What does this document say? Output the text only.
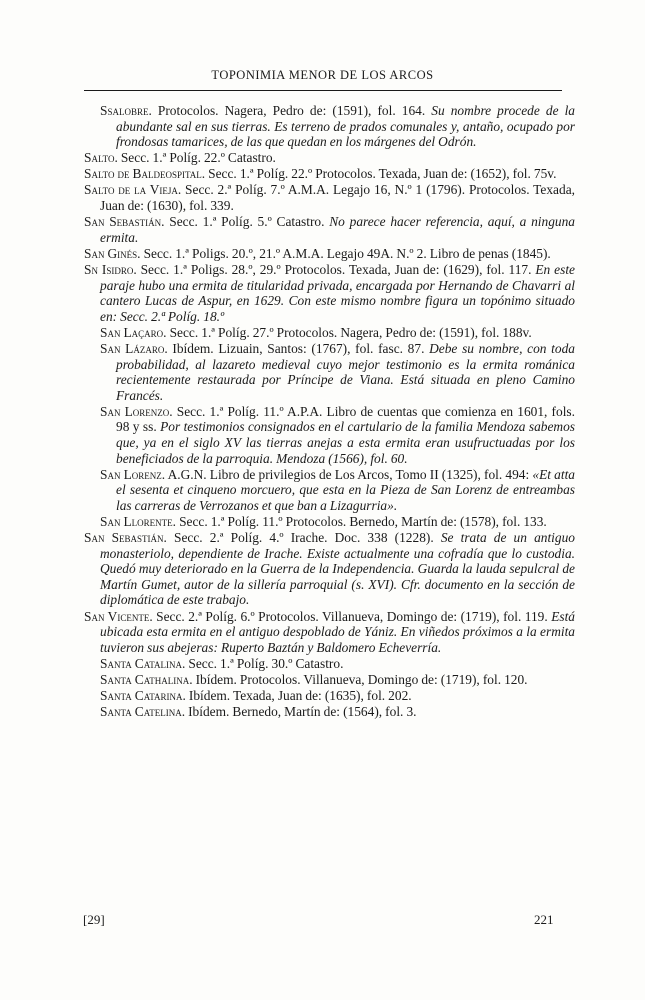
TOPONIMIA MENOR DE LOS ARCOS

Ssalobre. Protocolos. Nagera, Pedro de: (1591), fol. 164. Su nombre procede de la abundante sal en sus tierras. Es terreno de prados comunales y, antaño, ocupado por frondosas tamarices, de las que quedan en los márgenes del Odrón.

Salto. Secc. 1.ª Políg. 22.º Catastro.

Salto de Baldeospital. Secc. 1.ª Políg. 22.º Protocolos. Texada, Juan de: (1652), fol. 75v.

Salto de la Vieja. Secc. 2.ª Políg. 7.º A.M.A. Legajo 16, N.º 1 (1796). Protocolos. Texada, Juan de: (1630), fol. 339.

San Sebastián. Secc. 1.ª Políg. 5.º Catastro. No parece hacer referencia, aquí, a ninguna ermita.

San Ginés. Secc. 1.ª Poligs. 20.º, 21.º A.M.A. Legajo 49A. N.º 2. Libro de penas (1845).

Sn Isidro. Secc. 1.ª Poligs. 28.º, 29.º Protocolos. Texada, Juan de: (1629), fol. 117. En este paraje hubo una ermita de titularidad privada, encargada por Hernando de Chavarri al cantero Lucas de Aspur, en 1629. Con este mismo nombre figura un topónimo situado en: Secc. 2.ª Políg. 18.º

San Laçaro. Secc. 1.ª Políg. 27.º Protocolos. Nagera, Pedro de: (1591), fol. 188v.

San Lázaro. Ibídem. Lizuain, Santos: (1767), fol. fasc. 87. Debe su nombre, con toda probabilidad, al lazareto medieval cuyo mejor testimonio es la ermita románica recientemente restaurada por Príncipe de Viana. Está situada en pleno Camino Francés.

San Lorenzo. Secc. 1.ª Políg. 11.º A.P.A. Libro de cuentas que comienza en 1601, fols. 98 y ss. Por testimonios consignados en el cartulario de la familia Mendoza sabemos que, ya en el siglo XV las tierras anejas a esta ermita eran usufructuadas por los beneficiados de la parroquia. Mendoza (1566), fol. 60.

San Lorenz. A.G.N. Libro de privilegios de Los Arcos, Tomo II (1325), fol. 494: «Et atta el sesenta et cinqueno morcuero, que esta en la Pieza de San Lorenz de entreambas las carreras de Verrozanos et que ban a Lizagurria».

San Llorente. Secc. 1.ª Políg. 11.º Protocolos. Bernedo, Martín de: (1578), fol. 133.

San Sebastián. Secc. 2.ª Políg. 4.º Irache. Doc. 338 (1228). Se trata de un antiguo monasteriolo, dependiente de Irache. Existe actualmente una cofradía que lo custodia. Quedó muy deteriorado en la Guerra de la Independencia. Guarda la lauda sepulcral de Martín Gumet, autor de la sillería parroquial (s. XVI). Cfr. documento en la sección de diplomática de este trabajo.

San Vicente. Secc. 2.ª Políg. 6.º Protocolos. Villanueva, Domingo de: (1719), fol. 119. Está ubicada esta ermita en el antiguo despoblado de Yániz. En viñedos próximos a la ermita tuvieron sus abejeras: Ruperto Baztán y Baldomero Echeverría.

Santa Catalina. Secc. 1.ª Políg. 30.º Catastro.

Santa Cathalina. Ibídem. Protocolos. Villanueva, Domingo de: (1719), fol. 120.

Santa Catarina. Ibídem. Texada, Juan de: (1635), fol. 202.

Santa Catelina. Ibídem. Bernedo, Martín de: (1564), fol. 3.

[29]	221
